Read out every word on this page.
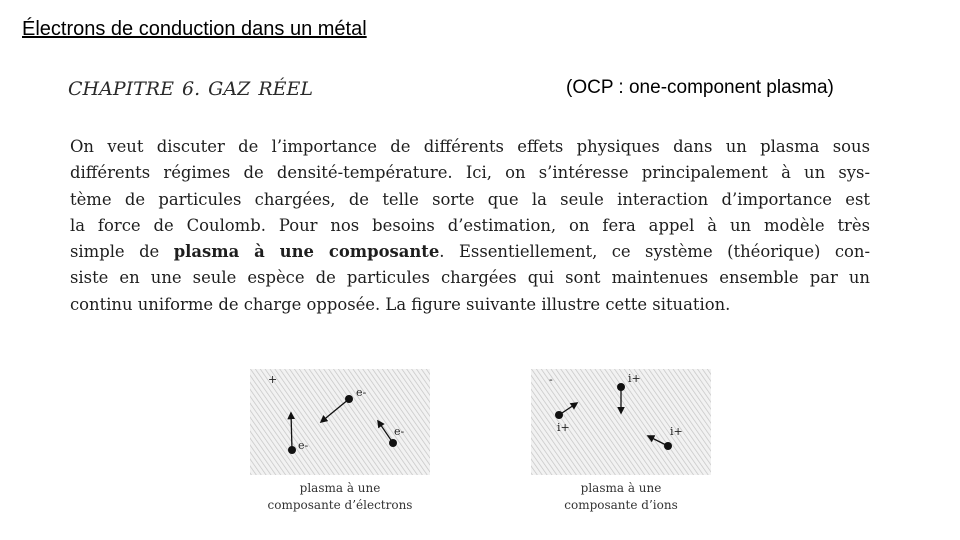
Électrons de conduction dans un métal
CHAPITRE 6. GAZ RÉEL	(OCP : one-component plasma)
On veut discuter de l’importance de différents effets physiques dans un plasma sous
différents régimes de densité-température. Ici, on s’intéresse principalement à un sys-
tème de particules chargées, de telle sorte que la seule interaction d’importance est
la force de Coulomb. Pour nos besoins d’estimation, on fera appel à un modèle très
simple de plasma à une composante. Essentiellement, ce système (théorique) con-
siste en une seule espèce de particules chargées qui sont maintenues ensemble par un
continu uniforme de charge opposée. La figure suivante illustre cette situation.
+
e-
e-
e-
plasma à une
composante d’électrons
-
i+
i+
i+
plasma à une
composante d’ions
